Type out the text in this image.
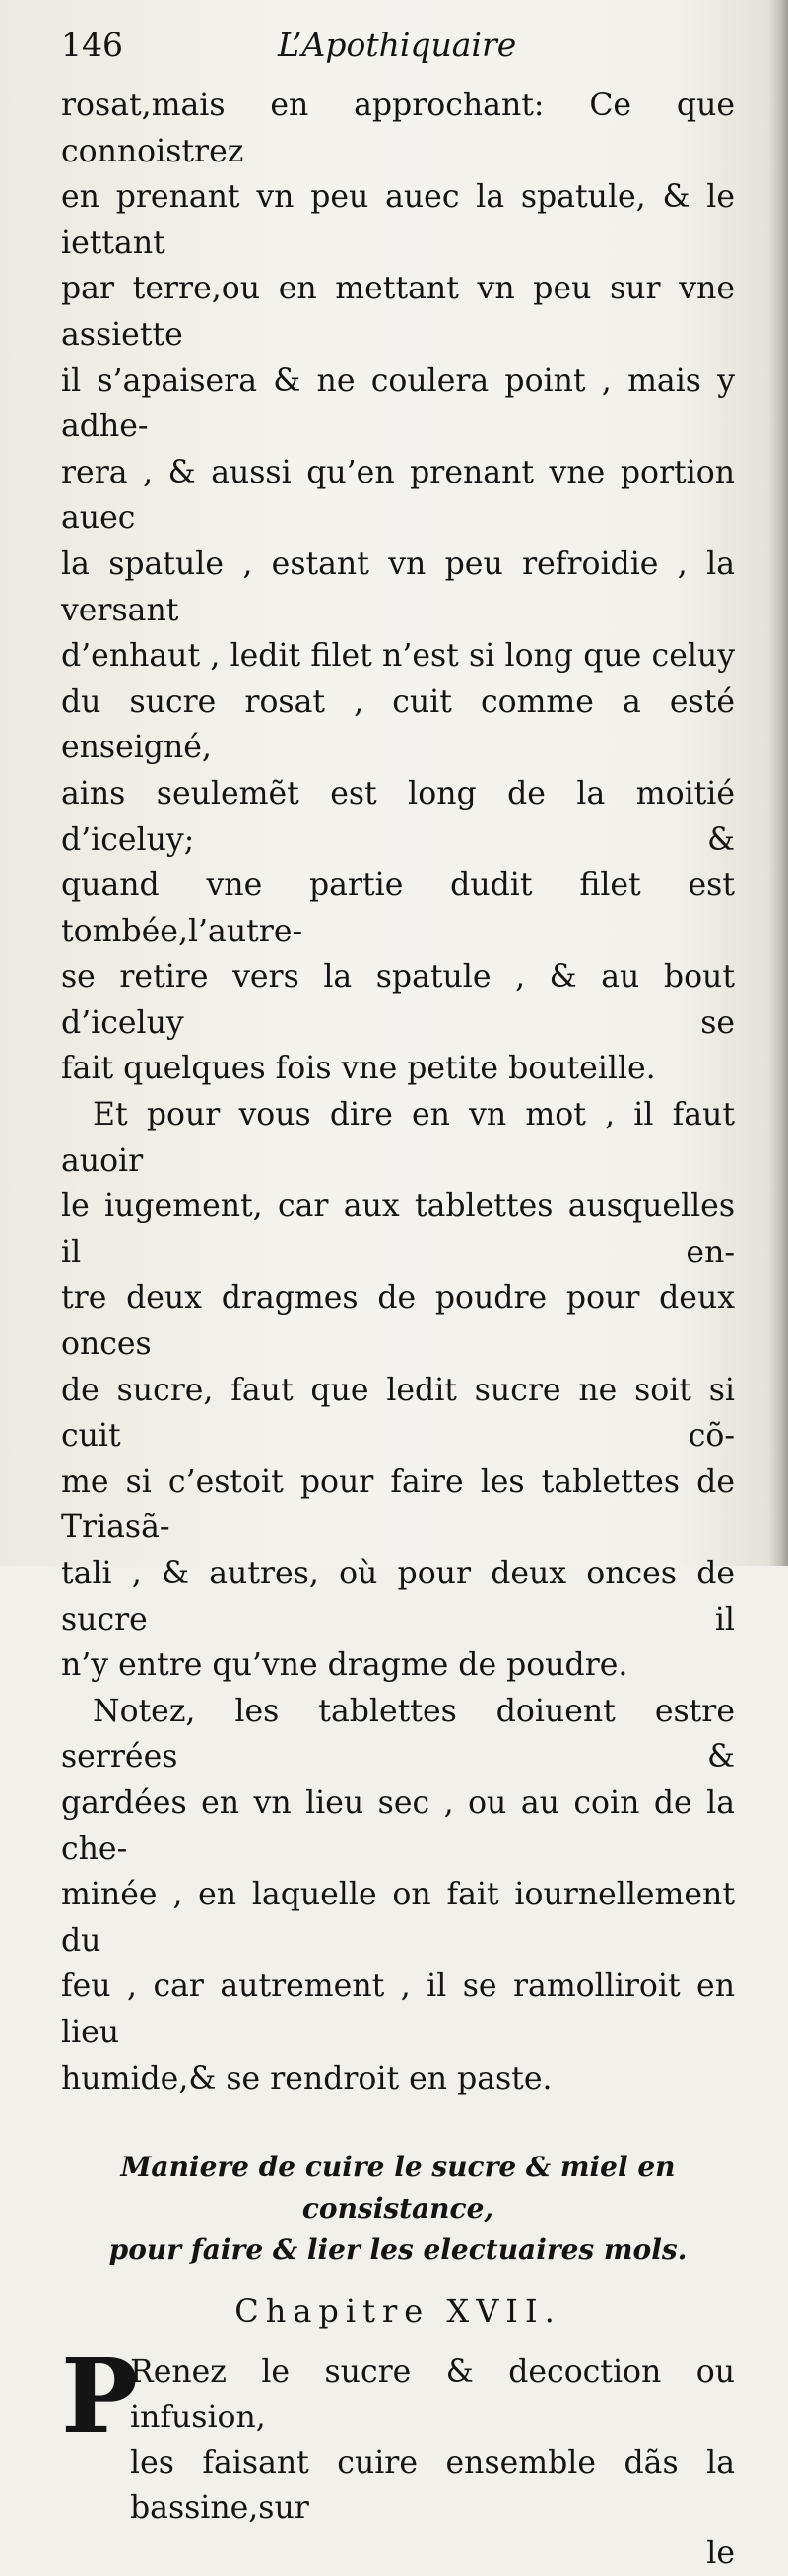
146	L’Apothiquaire

rosat,mais en approchant: Ce que connoistrez

en prenant vn peu auec la spatule, & le iettant

par terre,ou en mettant vn peu sur vne assiette

il s’apaisera & ne coulera point , mais y adhe-

rera , & aussi qu’en prenant vne portion auec

la spatule , estant vn peu refroidie , la versant

d’enhaut , ledit filet n’est si long que celuy

du sucre rosat , cuit comme a esté enseigné,

ains seulemẽt est long de la moitié d’iceluy; &

quand vne partie dudit filet est tombée,l’autre-

se retire vers la spatule , & au bout d’iceluy se

fait quelques fois vne petite bouteille.

Et pour vous dire en vn mot , il faut auoir

le iugement, car aux tablettes ausquelles il en-

tre deux dragmes de poudre pour deux onces

de sucre, faut que ledit sucre ne soit si cuit cõ-

me si c’estoit pour faire les tablettes de Triasã-

tali , & autres, où pour deux onces de sucre il

n’y entre qu’vne dragme de poudre.

Notez, les tablettes doiuent estre serrées &

gardées en vn lieu sec , ou au coin de la che-

minée , en laquelle on fait iournellement du

feu , car autrement , il se ramolliroit en lieu

humide,& se rendroit en paste.

Maniere de cuire le sucre & miel en consistance,
pour faire & lier les electuaires mols.
Chapitre XVII.
P

Renez le sucre & decoction ou infusion,

les faisant cuire ensemble dãs la bassine,sur

le
